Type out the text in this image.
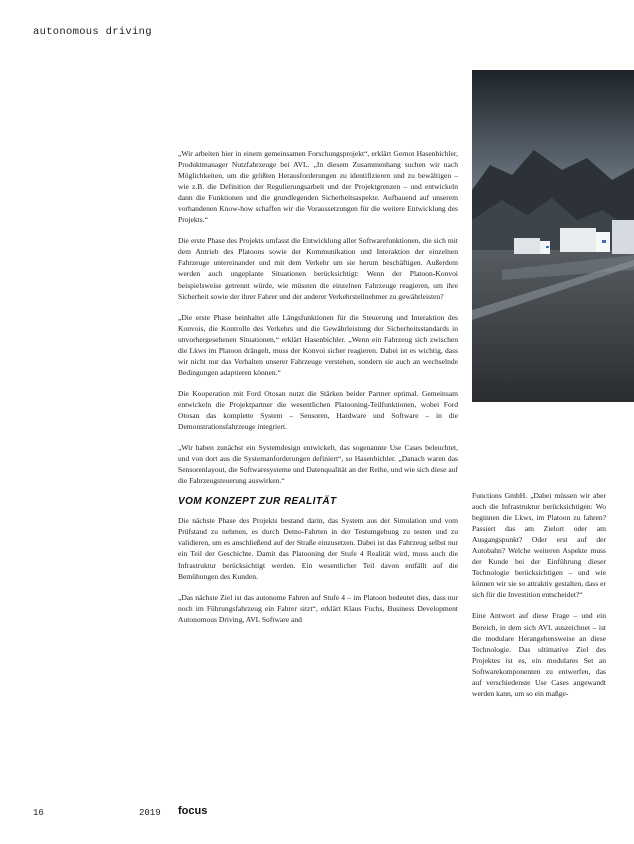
autonomous driving

„Wir arbeiten hier in einem gemeinsamen Forschungsprojekt“, erklärt Gernot Hasenbichler, Produktmanager Nutzfahrzeuge bei AVL. „In diesem Zusammenhang suchen wir nach Möglichkeiten, um die größten Herausforderungen zu identifizieren und zu bewältigen – wie z.B. die Definition der Regulierungsarbeit und der Projektgrenzen – und entwickeln dann die Funktionen und die grundlegenden Sicherheitsaspekte. Aufbauend auf unserem vorhandenen Know-how schaffen wir die Voraussetzungen für die weitere Entwicklung des Projekts.“

Die erste Phase des Projekts umfasst die Entwicklung aller Softwarefunktionen, die sich mit dem Antrieb des Platoons sowie der Kommunikation und Interaktion der einzelnen Fahrzeuge untereinander und mit dem Verkehr um sie herum beschäftigen. Außerdem werden auch ungeplante Situationen berücksichtigt: Wenn der Platoon-Konvoi beispielsweise getrennt würde, wie müssten die einzelnen Fahrzeuge reagieren, um ihre Sicherheit sowie der ihrer Fahrer und der anderer Verkehrsteilnehmer zu gewährleisten?

„Die erste Phase beinhaltet alle Längsfunktionen für die Steuerung und Interaktion des Konvois, die Kontrolle des Verkehrs und die Gewährleistung der Sicherheitsstandards in unvorhergesehenen Situationen,“ erklärt Hasenbichler. „Wenn ein Fahrzeug sich zwischen die Lkws im Platoon drängelt, muss der Konvoi sicher reagieren. Dabei ist es wichtig, dass wir nicht nur das Verhalten unserer Fahrzeuge verstehen, sondern sie auch an wechselnde Bedingungen adaptieren können.“

Die Kooperation mit Ford Otosan nutzt die Stärken beider Partner optimal. Gemeinsam entwickeln die Projektpartner die wesentlichen Platooning-Teilfunktionen, wobei Ford Otosan das komplette System – Sensoren, Hardware und Software – in die Demonstrationsfahrzeuge integriert.

„Wir haben zunächst ein Systemdesign entwickelt, das sogenannte Use Cases beleuchtet, und von dort aus die Systemanforderungen definiert“, so Hasenbichler. „Danach waren das Sensorenlayout, die Softwaresysteme und Datenqualität an der Reihe, und wie sich diese auf die Fahrzeugsteuerung auswirken.“

VOM KONZEPT ZUR REALITÄT

Die nächste Phase des Projekts bestand darin, das System aus der Simulation und vom Prüfstand zu nehmen, es durch Demo-Fahrten in der Testumgebung zu testen und zu validieren, um es anschließend auf der Straße einzusetzen. Dabei ist das Fahrzeug selbst nur ein Teil der Geschichte. Damit das Platooning der Stufe 4 Realität wird, muss auch die Infrastruktur berücksichtigt werden. Ein wesentlicher Teil davon entfällt auf die Bemühungen des Kunden.

„Das nächste Ziel ist das autonome Fahren auf Stufe 4 – im Platoon bedeutet dies, dass nur noch im Führungsfahrzeug ein Fahrer sitzt“, erklärt Klaus Fuchs, Business Development Autonomous Driving, AVL Software and

Functions GmbH. „Dabei müssen wir aber auch die Infrastruktur berücksichtigen: Wo beginnen die Lkws, im Platoon zu fahren? Passiert das am Zielort oder am Ausgangspunkt? Oder erst auf der Autobahn? Welche weiteren Aspekte muss der Kunde bei der Einführung dieser Technologie berücksichtigen – und wie können wir sie so attraktiv gestalten, dass er sich für die Investition entscheidet?“

Eine Antwort auf diese Frage – und ein Bereich, in dem sich AVL auszeichnet – ist die modulare Herangehensweise an diese Technologie. Das ultimative Ziel des Projektes ist es, ein modulares Set an Softwarekomponenten zu entwerfen, das auf verschiedenste Use Cases angewandt werden kann, um so ein maßge-

16	2019 focus
